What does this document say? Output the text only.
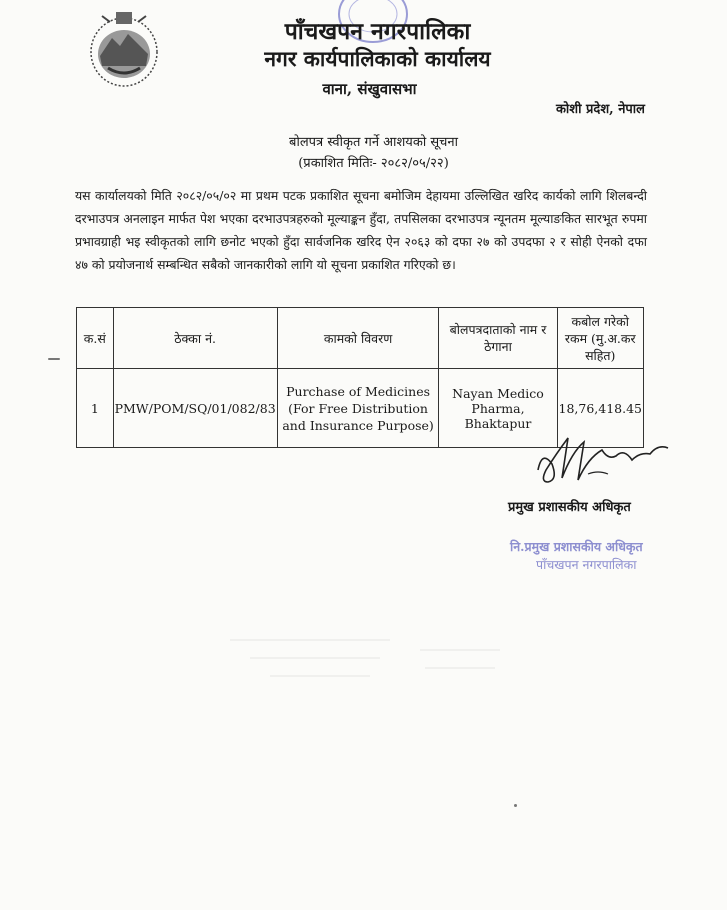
पाँचखपन नगरपालिका
नगर कार्यपालिकाको कार्यालय
वाना, संखुवासभा
कोशी प्रदेश, नेपाल
बोलपत्र स्वीकृत गर्ने आशयको सूचना
(प्रकाशित मितिः- २०८२/०५/२२)
यस कार्यालयको मिति २०८२/०५/०२ मा प्रथम पटक प्रकाशित सूचना बमोजिम देहायमा उल्लिखित खरिद कार्यको लागि शिलबन्दी दरभाउपत्र अनलाइन मार्फत पेश भएका दरभाउपत्रहरुको मूल्याङ्कन हुँदा, तपसिलका दरभाउपत्र न्यूनतम मूल्याङकित सारभूत रुपमा प्रभावग्राही भइ स्वीकृतको लागि छनोट भएको हुँदा सार्वजनिक खरिद ऐन २०६३ को दफा २७ को उपदफा २ र सोही ऐनको दफा ४७ को प्रयोजनार्थ सम्बन्धित सबैको जानकारीको लागि यो सूचना प्रकाशित गरिएको छ।
क.सं	ठेक्का नं.	कामको विवरण	बोलपत्रदाताको नाम र ठेगाना	कबोल गरेको रकम (मु.अ.कर सहित)
1	PMW/POM/SQ/01/082/83	Purchase of Medicines (For Free Distribution and Insurance Purpose)	Nayan Medico Pharma, Bhaktapur	18,76,418.45
प्रमुख प्रशासकीय अधिकृत
नि.प्रमुख प्रशासकीय अधिकृत
पाँचखपन नगरपालिका
